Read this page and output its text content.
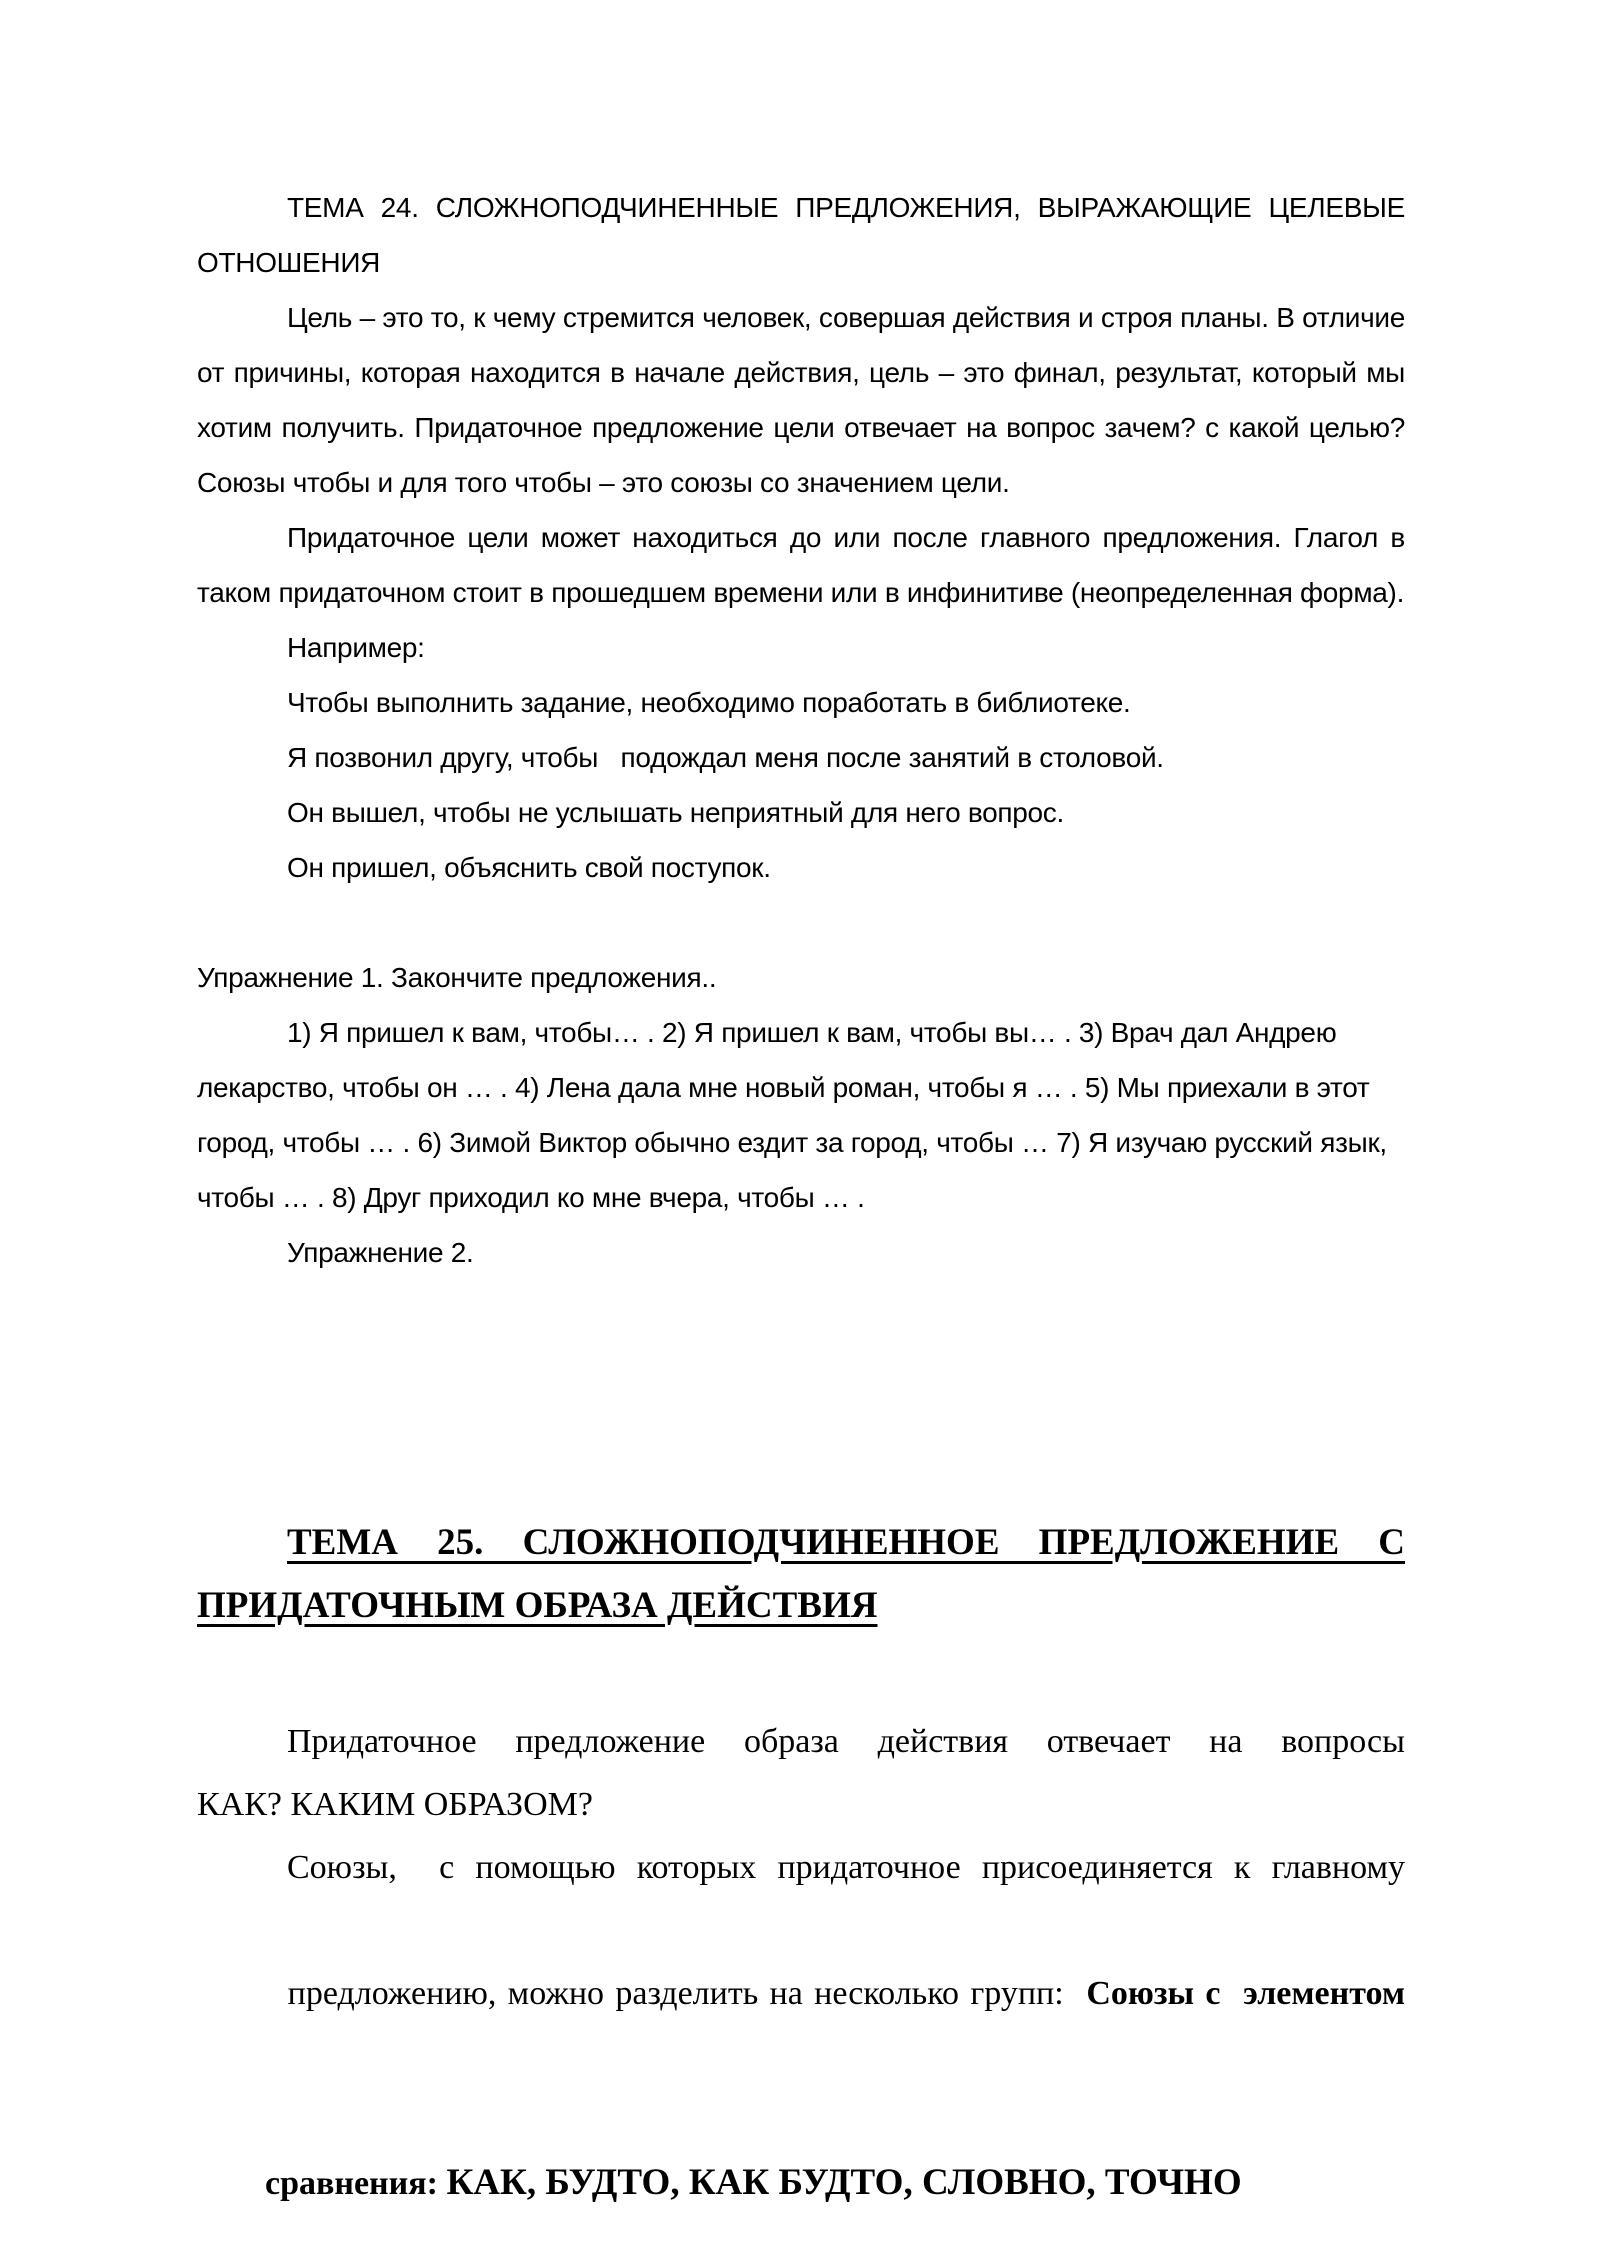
ТЕМА 24. СЛОЖНОПОДЧИНЕННЫЕ ПРЕДЛОЖЕНИЯ, ВЫРАЖАЮЩИЕ ЦЕЛЕВЫЕ
ОТНОШЕНИЯ
Цель – это то, к чему стремится человек, совершая действия и строя планы. В отличие от причины, которая находится в начале действия, цель – это финал, результат, который мы хотим получить. Придаточное предложение цели отвечает на вопрос зачем? с какой целью? Союзы чтобы и для того чтобы – это союзы со значением цели.
Придаточное цели может находиться до или после главного предложения. Глагол в таком придаточном стоит в прошедшем времени или в инфинитиве (неопределенная форма).
Например:
Чтобы выполнить задание, необходимо поработать в библиотеке.
Я позвонил другу, чтобы   подождал меня после занятий в столовой.
Он вышел, чтобы не услышать неприятный для него вопрос.
Он пришел, объяснить свой поступок.
Упражнение 1. Закончите предложения..
1) Я пришел к вам, чтобы… . 2) Я пришел к вам, чтобы вы… . 3) Врач дал Андрею лекарство, чтобы он … . 4) Лена дала мне новый роман, чтобы я … . 5) Мы приехали в этот город, чтобы … . 6) Зимой Виктор обычно ездит за город, чтобы … 7) Я изучаю русский язык, чтобы … . 8) Друг приходил ко мне вчера, чтобы … .
Упражнение 2.
ТЕМА 25. СЛОЖНОПОДЧИНЕННОЕ ПРЕДЛОЖЕНИЕ С
ПРИДАТОЧНЫМ ОБРАЗА ДЕЙСТВИЯ
Придаточное предложение образа действия отвечает на вопросы
КАК? КАКИМ ОБРАЗОМ?
Союзы,  с помощью которых придаточное присоединяется к главному

предложению, можно разделить на несколько групп:  Союзы с  элементом

сравнения: КАК, БУДТО, КАК БУДТО, СЛОВНО, ТОЧНО
